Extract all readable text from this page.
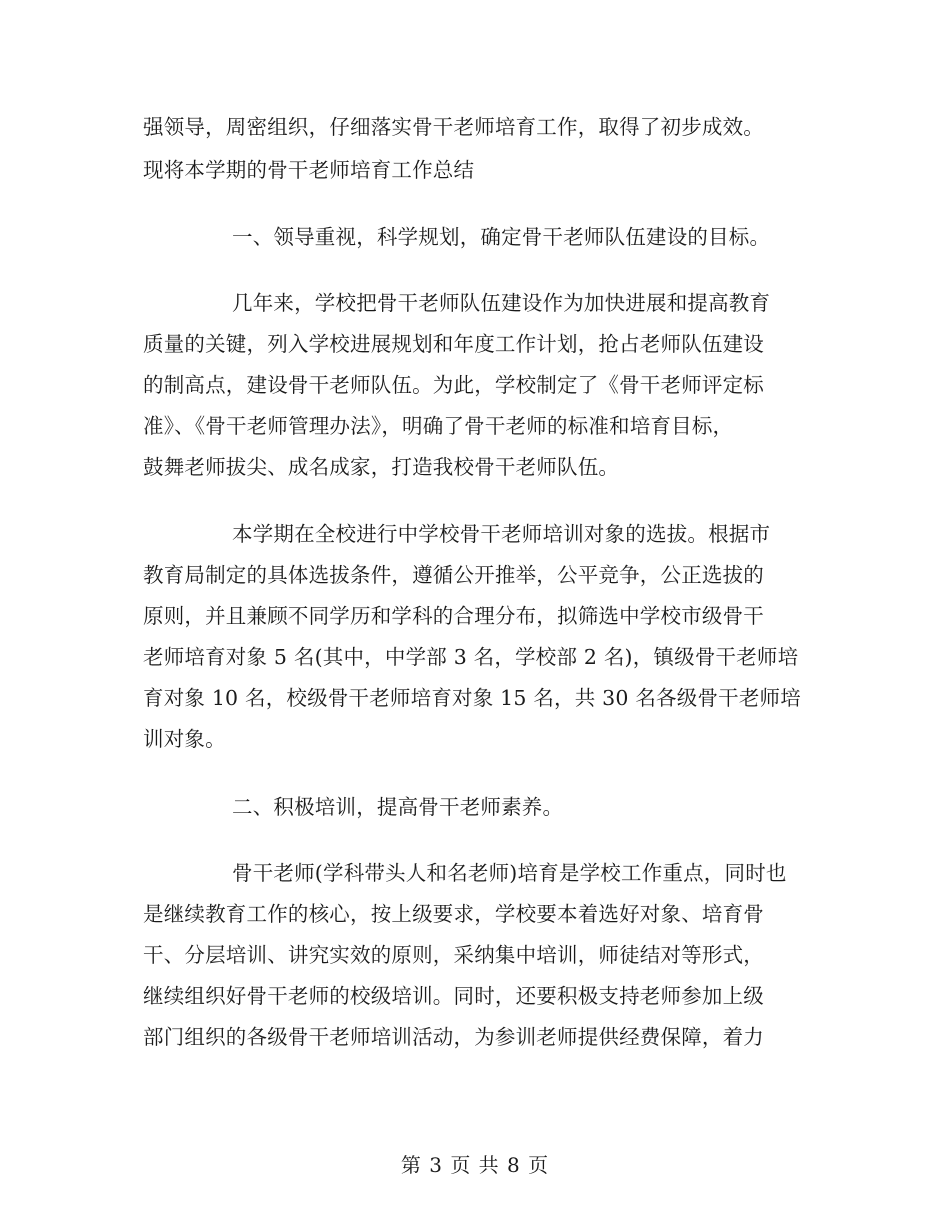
强领导，周密组织，仔细落实骨干老师培育工作，取得了初步成效。
现将本学期的骨干老师培育工作总结
一、领导重视，科学规划，确定骨干老师队伍建设的目标。
几年来，学校把骨干老师队伍建设作为加快进展和提高教育
质量的关键，列入学校进展规划和年度工作计划，抢占老师队伍建设
的制高点，建设骨干老师队伍。为此，学校制定了《骨干老师评定标
准》、《骨干老师管理办法》，明确了骨干老师的标准和培育目标，
鼓舞老师拔尖、成名成家，打造我校骨干老师队伍。
本学期在全校进行中学校骨干老师培训对象的选拔。根据市
教育局制定的具体选拔条件，遵循公开推举，公平竞争，公正选拔的
原则，并且兼顾不同学历和学科的合理分布，拟筛选中学校市级骨干
老师培育对象 5 名(其中，中学部 3 名，学校部 2 名)，镇级骨干老师培
育对象 10 名，校级骨干老师培育对象 15 名，共 30 名各级骨干老师培
训对象。
二、积极培训，提高骨干老师素养。
骨干老师(学科带头人和名老师)培育是学校工作重点，同时也
是继续教育工作的核心，按上级要求，学校要本着选好对象、培育骨
干、分层培训、讲究实效的原则，采纳集中培训，师徒结对等形式，
继续组织好骨干老师的校级培训。同时，还要积极支持老师参加上级
部门组织的各级骨干老师培训活动，为参训老师提供经费保障，着力
第 3 页 共 8 页
